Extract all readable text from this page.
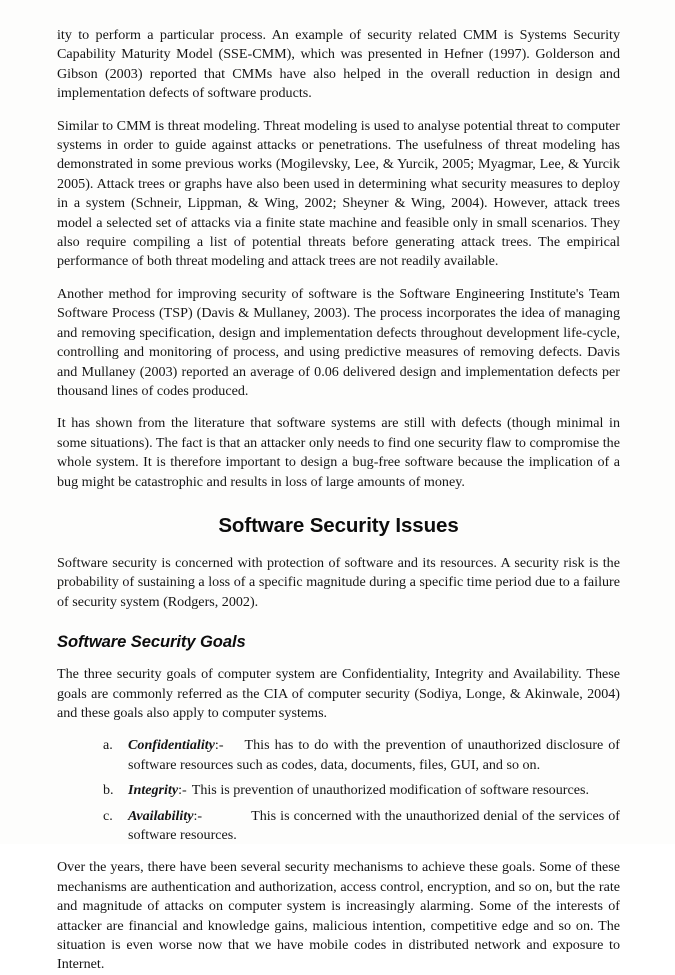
ity to perform a particular process. An example of security related CMM is Systems Security Capability Maturity Model (SSE-CMM), which was presented in Hefner (1997). Golderson and Gibson (2003) reported that CMMs have also helped in the overall reduction in design and implementation defects of software products.

Similar to CMM is threat modeling. Threat modeling is used to analyse potential threat to computer systems in order to guide against attacks or penetrations. The usefulness of threat modeling has demonstrated in some previous works (Mogilevsky, Lee, & Yurcik, 2005; Myagmar, Lee, & Yurcik 2005). Attack trees or graphs have also been used in determining what security measures to deploy in a system (Schneir, Lippman, & Wing, 2002; Sheyner & Wing, 2004). However, attack trees model a selected set of attacks via a finite state machine and feasible only in small scenarios. They also require compiling a list of potential threats before generating attack trees. The empirical performance of both threat modeling and attack trees are not readily available.

Another method for improving security of software is the Software Engineering Institute's Team Software Process (TSP) (Davis & Mullaney, 2003). The process incorporates the idea of managing and removing specification, design and implementation defects throughout development life-cycle, controlling and monitoring of process, and using predictive measures of removing defects. Davis and Mullaney (2003) reported an average of 0.06 delivered design and implementation defects per thousand lines of codes produced.

It has shown from the literature that software systems are still with defects (though minimal in some situations). The fact is that an attacker only needs to find one security flaw to compromise the whole system. It is therefore important to design a bug-free software because the implication of a bug might be catastrophic and results in loss of large amounts of money.

Software Security Issues

Software security is concerned with protection of software and its resources. A security risk is the probability of sustaining a loss of a specific magnitude during a specific time period due to a failure of security system (Rodgers, 2002).

Software Security Goals

The three security goals of computer system are Confidentiality, Integrity and Availability. These goals are commonly referred as the CIA of computer security (Sodiya, Longe, & Akinwale, 2004) and these goals also apply to computer systems.

a. Confidentiality:- This has to do with the prevention of unauthorized disclosure of software resources such as codes, data, documents, files, GUI, and so on.
b. Integrity:- This is prevention of unauthorized modification of software resources.
c. Availability:-	This is concerned with the unauthorized denial of the services of software resources.

Over the years, there have been several security mechanisms to achieve these goals. Some of these mechanisms are authentication and authorization, access control, encryption, and so on, but the rate and magnitude of attacks on computer system is increasingly alarming. Some of the interests of attacker are financial and knowledge gains, malicious intention, competitive edge and so on. The situation is even worse now that we have mobile codes in distributed network and exposure to Internet.
